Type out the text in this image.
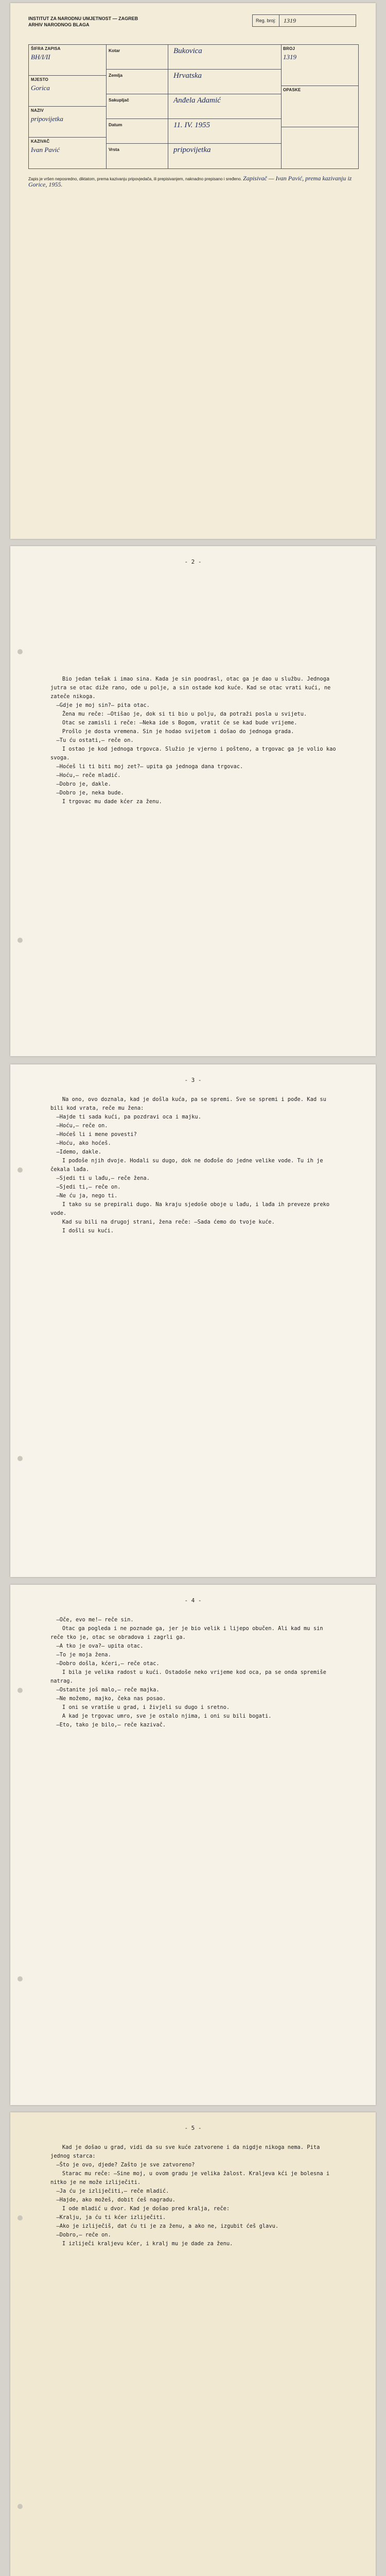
INSTITUT ZA NARODNU UMJETNOST — ZAGREB
ARHIV NARODNOG BLAGA
Reg. broj:	1319
ŠIFRA ZAPISA
BH/I/II
MJESTO
Gorica
NAZIV
pripovijetka
KAZIVAČ
Ivan Pavić
Kotar	Bukovica
Zemlja	Hrvatska
Sakupljač	Anđela Adamić
Datum	11. IV. 1955
Vrsta	pripovijetka
BROJ
1319
OPASKE
Zapis je vršen neposredno, diktatom, prema kazivanju pripovjedača, ili prepisivanjem, naknadno prepisano i sređeno. Zapisivač — Ivan Pavić, prema kazivanju iz Gorice, 1955.
- 2 -

Bio jedan tešak i imao sina. Kada je sin poodrasl, otac ga je dao u službu. Jednoga jutra se otac diže rano, ode u polje, a sin ostade kod kuće. Kad se otac vrati kući, ne zateče nikoga.

—Gdje je moj sin?— pita otac.

Žena mu reče: —Otišao je, dok si ti bio u polju, da potraži posla u svijetu.

Otac se zamisli i reče: —Neka ide s Bogom, vratit će se kad bude vrijeme.

Prošlo je dosta vremena. Sin je hodao svijetom i došao do jednoga grada.

—Tu ću ostati,— reče on.

I ostao je kod jednoga trgovca. Služio je vjerno i pošteno, a trgovac ga je volio kao svoga.

—Hoćeš li ti biti moj zet?— upita ga jednoga dana trgovac.

—Hoću,— reče mladić.

—Dobro je, dakle.

—Dobro je, neka bude.

I trgovac mu dade kćer za ženu.

- 3 -

Na ono, ovo doznala, kad je došla kuća, pa se spremi. Sve se spremi i pođe. Kad su bili kod vrata, reče mu žena:

—Hajde ti sada kući, pa pozdravi oca i majku.

—Hoću,— reče on.

—Hoćeš li i mene povesti?

—Hoću, ako hoćeš.

—Idemo, dakle.

I pođoše njih dvoje. Hodali su dugo, dok ne dođoše do jedne velike vode. Tu ih je čekala lađa.

—Sjedi ti u lađu,— reče žena.

—Sjedi ti,— reče on.

—Ne ću ja, nego ti.

I tako su se prepirali dugo. Na kraju sjedoše oboje u lađu, i lađa ih preveze preko vode.

Kad su bili na drugoj strani, žena reče: —Sada ćemo do tvoje kuće.

I došli su kući.

- 4 -

—Oče, evo me!— reče sin.

Otac ga pogleda i ne poznade ga, jer je bio velik i lijepo obučen. Ali kad mu sin reče tko je, otac se obradova i zagrli ga.

—A tko je ova?— upita otac.

—To je moja žena.

—Dobro došla, kćeri,— reče otac.

I bila je velika radost u kući. Ostadoše neko vrijeme kod oca, pa se onda spremiše natrag.

—Ostanite još malo,— reče majka.

—Ne možemo, majko, čeka nas posao.

I oni se vratiše u grad, i živjeli su dugo i sretno.

A kad je trgovac umro, sve je ostalo njima, i oni su bili bogati.

—Eto, tako je bilo,— reče kazivač.

- 5 -

Kad je došao u grad, vidi da su sve kuće zatvorene i da nigdje nikoga nema. Pita jednog starca:

—Što je ovo, djede? Zašto je sve zatvoreno?

Starac mu reče: —Sine moj, u ovom gradu je velika žalost. Kraljeva kći je bolesna i nitko je ne može izliječiti.

—Ja ću je izliječiti,— reče mladić.

—Hajde, ako možeš, dobit ćeš nagradu.

I ode mladić u dvor. Kad je došao pred kralja, reče:

—Kralju, ja ću ti kćer izliječiti.

—Ako je izliječiš, dat ću ti je za ženu, a ako ne, izgubit ćeš glavu.

—Dobro,— reče on.

I izliječi kraljevu kćer, i kralj mu je dade za ženu.
